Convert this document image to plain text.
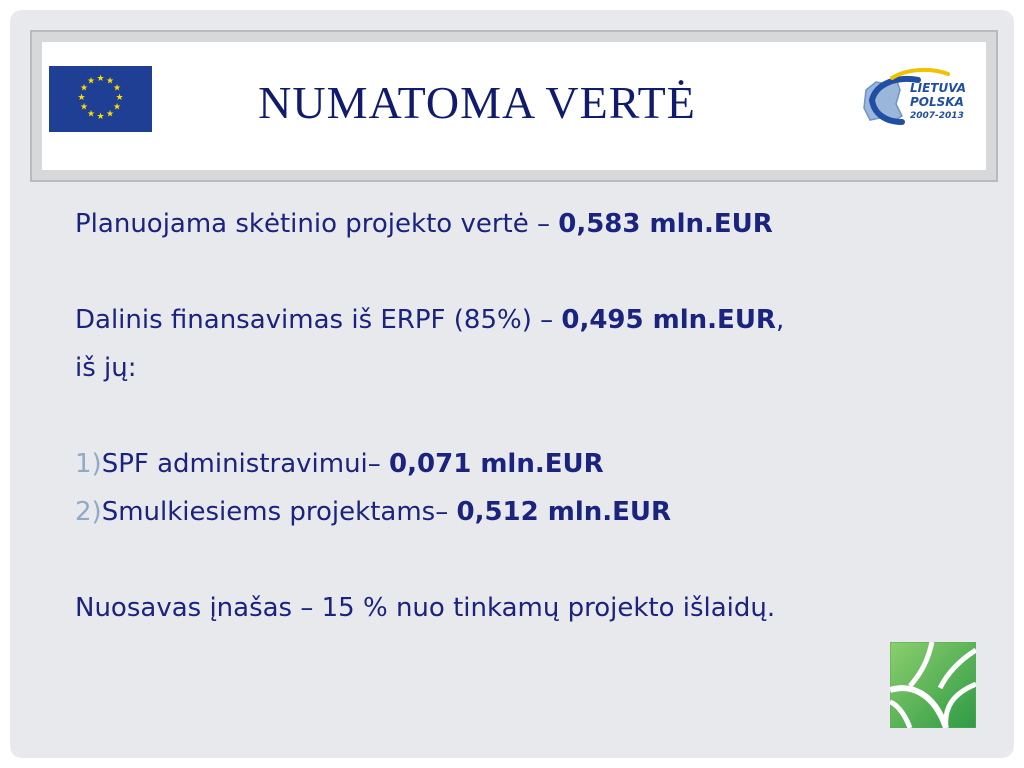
★ ★
★
★
★
★
★
★
★
★
★
★	NUMATOMA VERTĖ	LIETUVA
POLSKA
2007-2013

Planuojama skėtinio projekto vertė – 0,583 mln.EUR

Dalinis finansavimas iš ERPF (85%) – 0,495 mln.EUR,

iš jų:

1)SPF administravimui– 0,071 mln.EUR

2)Smulkiesiems projektams– 0,512 mln.EUR

Nuosavas įnašas – 15 % nuo tinkamų projekto išlaidų.
